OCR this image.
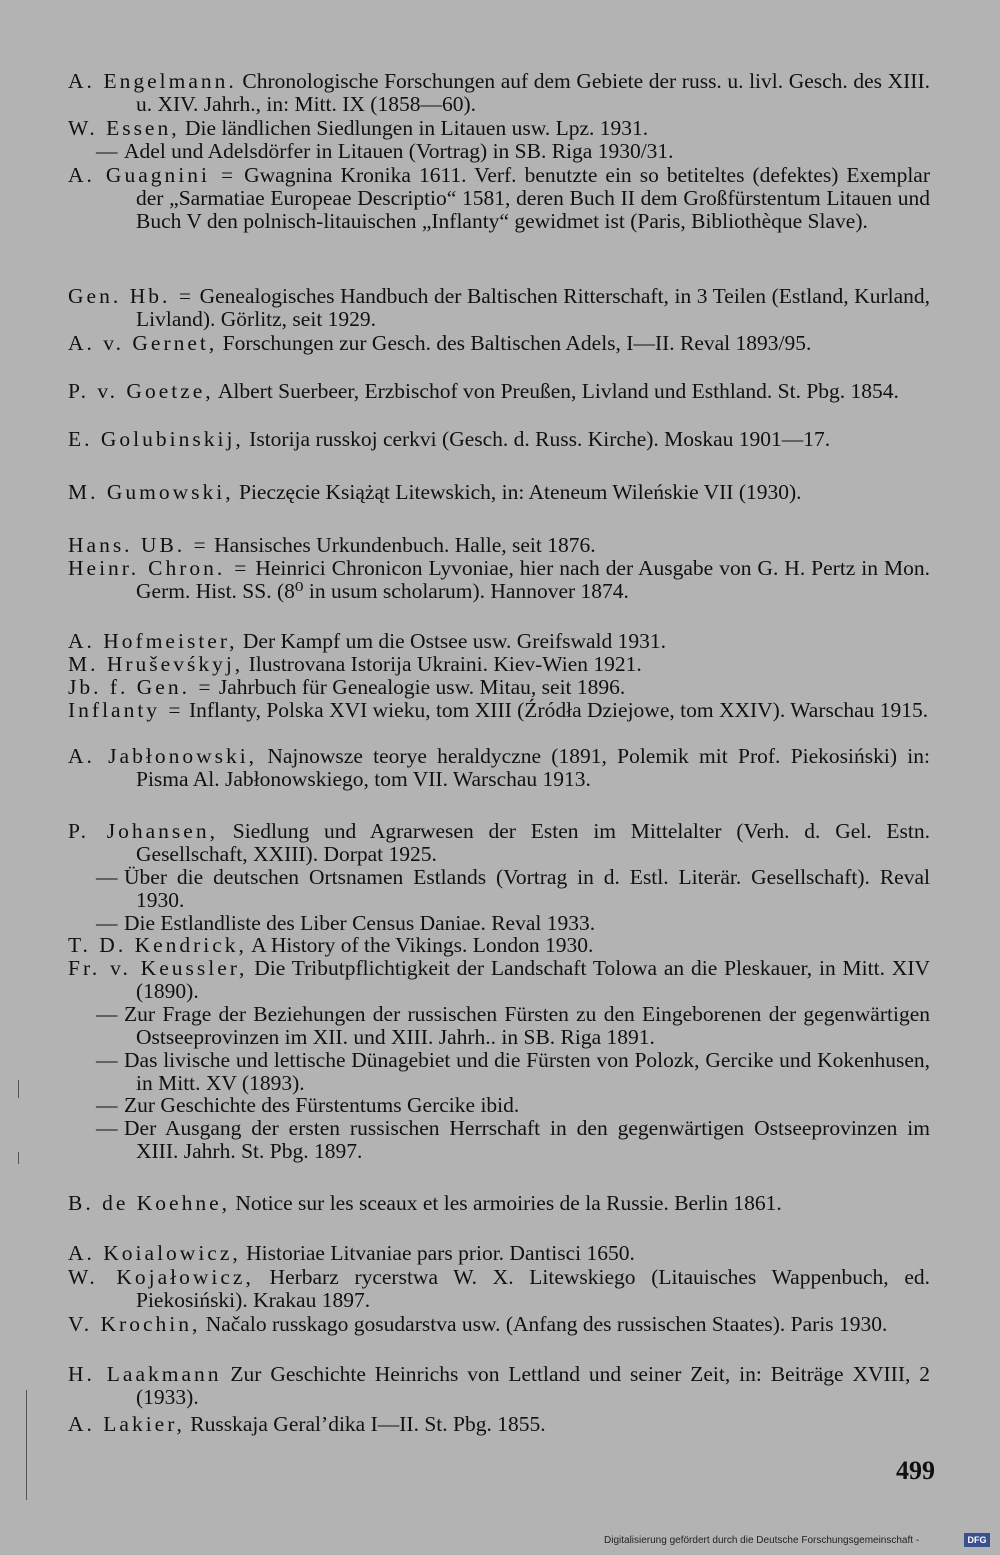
A. Engelmann. Chronologische Forschungen auf dem Gebiete der russ. u. livl. Gesch. des XIII. u. XIV. Jahrh., in: Mitt. IX (1858—60).

W. Essen, Die ländlichen Siedlungen in Litauen usw. Lpz. 1931.

— Adel und Adelsdörfer in Litauen (Vortrag) in SB. Riga 1930/31.

A. Guagnini = Gwagnina Kronika 1611. Verf. benutzte ein so betiteltes (defektes) Exemplar der „Sarmatiae Europeae Descriptio“ 1581, deren Buch II dem Großfürstentum Litauen und Buch V den polnisch-litauischen „Inflanty“ gewidmet ist (Paris, Bibliothèque Slave).

Gen. Hb. = Genealogisches Handbuch der Baltischen Ritterschaft, in 3 Teilen (Estland, Kurland, Livland). Görlitz, seit 1929.

A. v. Gernet, Forschungen zur Gesch. des Baltischen Adels, I—II. Reval 1893/95.

P. v. Goetze, Albert Suerbeer, Erzbischof von Preußen, Livland und Esthland. St. Pbg. 1854.

E. Golubinskij, Istorija russkoj cerkvi (Gesch. d. Russ. Kirche). Moskau 1901—17.

M. Gumowski, Pieczęcie Książąt Litewskich, in: Ateneum Wileńskie VII (1930).

Hans. UB. = Hansisches Urkundenbuch. Halle, seit 1876.

Heinr. Chron. = Heinrici Chronicon Lyvoniae, hier nach der Ausgabe von G. H. Pertz in Mon. Germ. Hist. SS. (8⁰ in usum scholarum). Hannover 1874.

A. Hofmeister, Der Kampf um die Ostsee usw. Greifswald 1931.

M. Hruševśkyj, Ilustrovana Istorija Ukraini. Kiev-Wien 1921.

Jb. f. Gen. = Jahrbuch für Genealogie usw. Mitau, seit 1896.

Inflanty = Inflanty, Polska XVI wieku, tom XIII (Źródła Dziejowe, tom XXIV). Warschau 1915.

A. Jabłonowski, Najnowsze teorye heraldyczne (1891, Polemik mit Prof. Piekosiński) in: Pisma Al. Jabłonowskiego, tom VII. Warschau 1913.

P. Johansen, Siedlung und Agrarwesen der Esten im Mittelalter (Verh. d. Gel. Estn. Gesellschaft, XXIII). Dorpat 1925.

— Über die deutschen Ortsnamen Estlands (Vortrag in d. Estl. Literär. Gesellschaft). Reval 1930.

— Die Estlandliste des Liber Census Daniae. Reval 1933.

T. D. Kendrick, A History of the Vikings. London 1930.

Fr. v. Keussler, Die Tributpflichtigkeit der Landschaft Tolowa an die Pleskauer, in Mitt. XIV (1890).

— Zur Frage der Beziehungen der russischen Fürsten zu den Eingeborenen der gegenwärtigen Ostseeprovinzen im XII. und XIII. Jahrh.. in SB. Riga 1891.

— Das livische und lettische Dünagebiet und die Fürsten von Polozk, Gercike und Kokenhusen, in Mitt. XV (1893).

— Zur Geschichte des Fürstentums Gercike ibid.

— Der Ausgang der ersten russischen Herrschaft in den gegenwärtigen Ostseeprovinzen im XIII. Jahrh. St. Pbg. 1897.

B. de Koehne, Notice sur les sceaux et les armoiries de la Russie. Berlin 1861.

A. Koialowicz, Historiae Litvaniae pars prior. Dantisci 1650.

W. Kojałowicz, Herbarz rycerstwa W. X. Litewskiego (Litauisches Wappenbuch, ed. Piekosiński). Krakau 1897.

V. Krochin, Načalo russkago gosudarstva usw. (Anfang des russischen Staates). Paris 1930.

H. Laakmann Zur Geschichte Heinrichs von Lettland und seiner Zeit, in: Beiträge XVIII, 2 (1933).

A. Lakier, Russkaja Geral’dika I—II. St. Pbg. 1855.

499
Digitalisierung gefördert durch die Deutsche Forschungsgemeinschaft -	DFG
